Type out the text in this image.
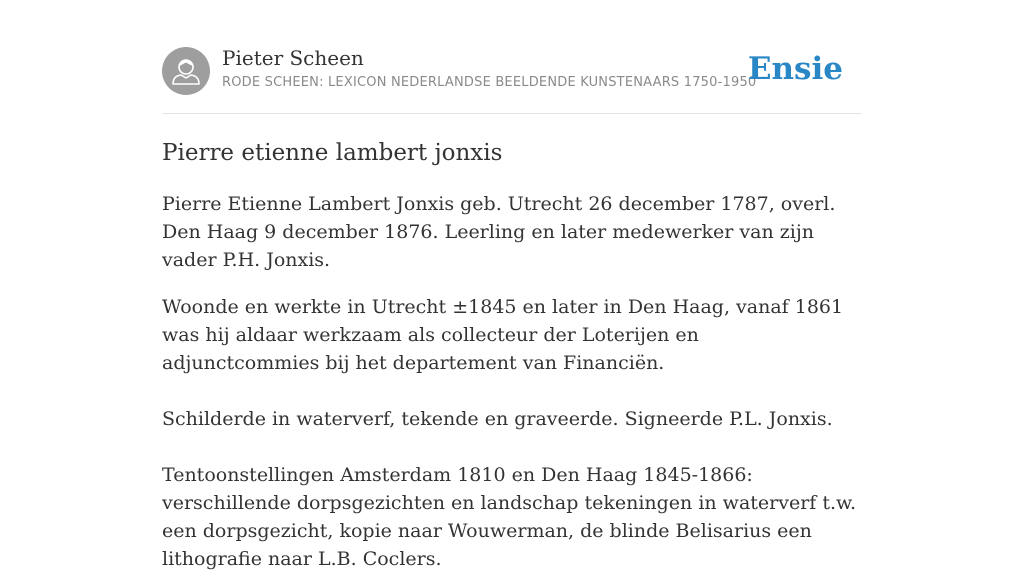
Pieter Scheen
RODE SCHEEN: LEXICON NEDERLANDSE BEELDENDE KUNSTENAARS 1750-1950
Ensie
Pierre etienne lambert jonxis

Pierre Etienne Lambert Jonxis geb. Utrecht 26 december 1787, overl. Den Haag 9 december 1876. Leerling en later medewerker van zijn vader P.H. Jonxis.

Woonde en werkte in Utrecht ±1845 en later in Den Haag, vanaf 1861 was hij aldaar werkzaam als collecteur der Loterijen en adjunctcommies bij het departement van Financiën.

Schilderde in waterverf, tekende en graveerde. Signeerde P.L. Jonxis.

Tentoonstellingen Amsterdam 1810 en Den Haag 1845-1866: verschillende dorpsgezichten en landschap tekeningen in waterverf t.w. een dorpsgezicht, kopie naar Wouwerman, de blinde Belisarius een lithografie naar L.B. Coclers.
